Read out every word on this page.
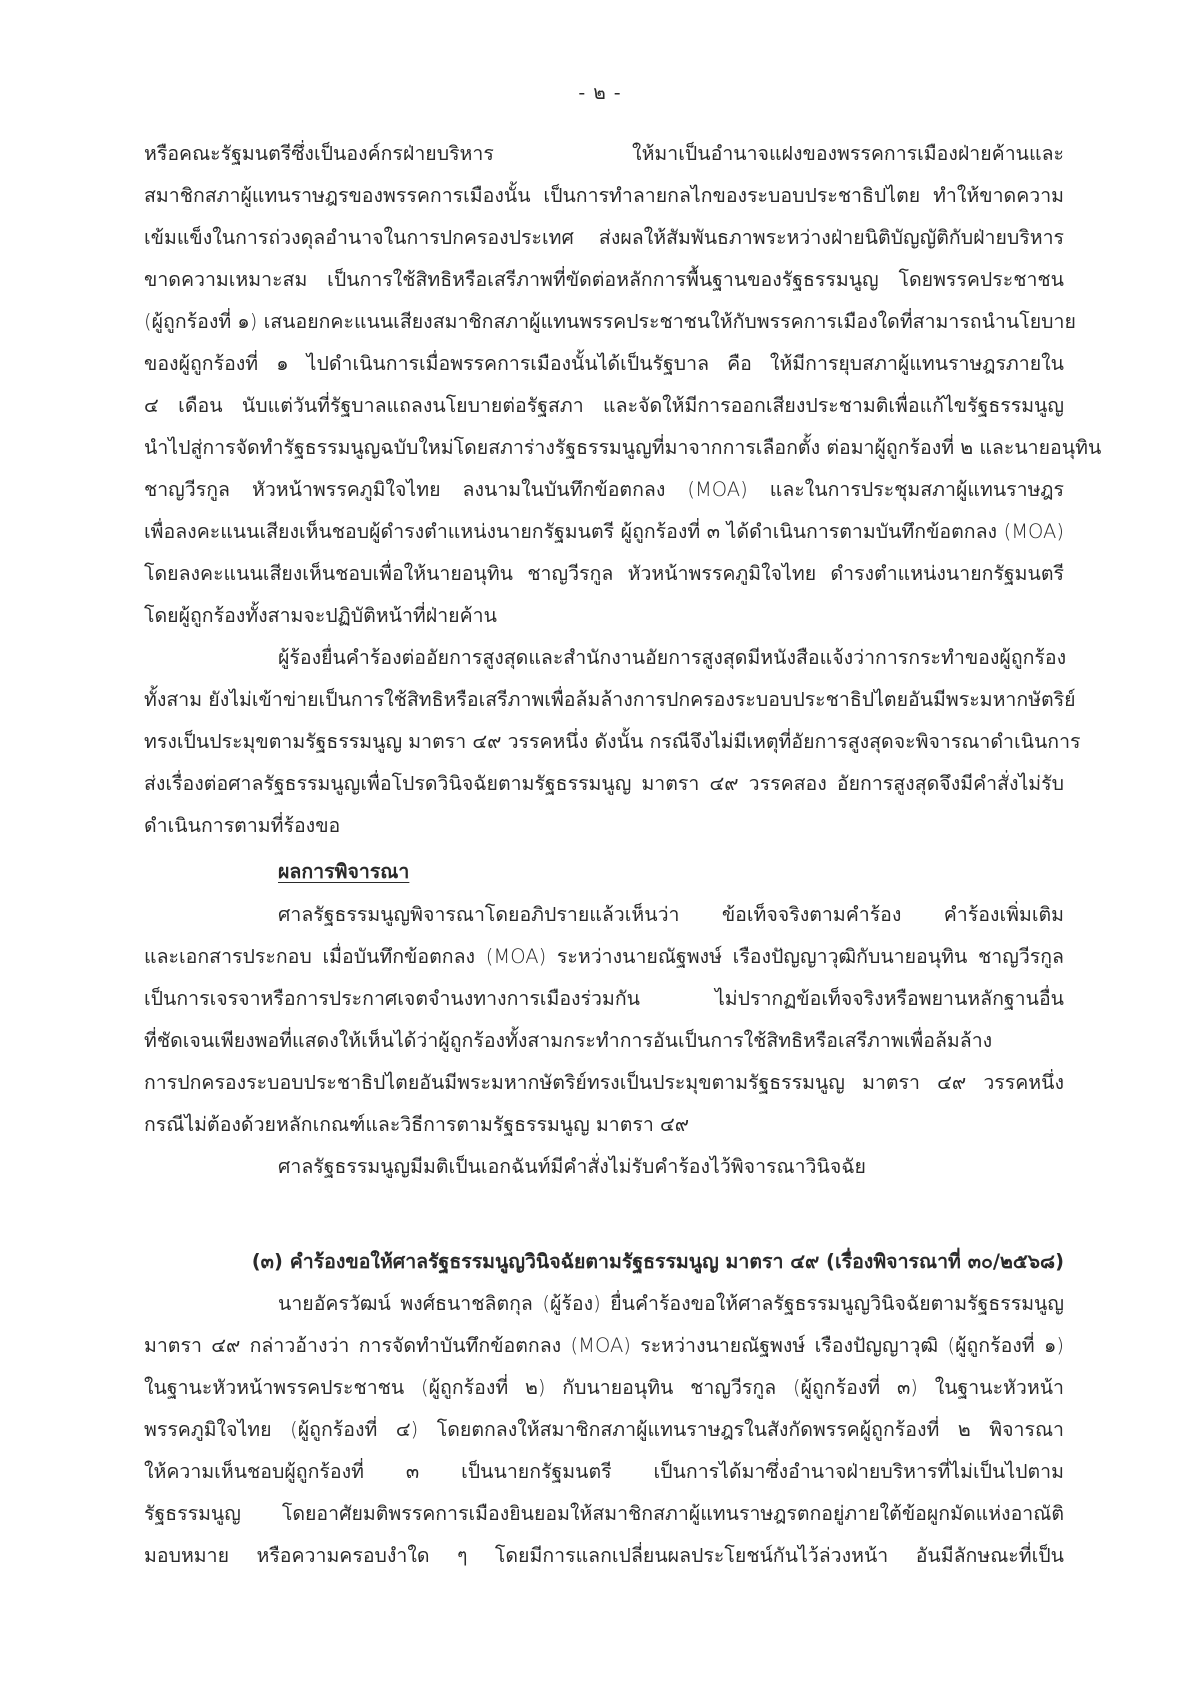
- ๒ -
หรือคณะรัฐมนตรีซึ่งเป็นองค์กรฝ่ายบริหาร ให้มาเป็นอำนาจแฝงของพรรคการเมืองฝ่ายค้านและ
สมาชิกสภาผู้แทนราษฎรของพรรคการเมืองนั้น เป็นการทำลายกลไกของระบอบประชาธิปไตย ทำให้ขาดความ
เข้มแข็งในการถ่วงดุลอำนาจในการปกครองประเทศ ส่งผลให้สัมพันธภาพระหว่างฝ่ายนิติบัญญัติกับฝ่ายบริหาร
ขาดความเหมาะสม เป็นการใช้สิทธิหรือเสรีภาพที่ขัดต่อหลักการพื้นฐานของรัฐธรรมนูญ โดยพรรคประชาชน
(ผู้ถูกร้องที่ ๑) เสนอยกคะแนนเสียงสมาชิกสภาผู้แทนพรรคประชาชนให้กับพรรคการเมืองใดที่สามารถนำนโยบาย
ของผู้ถูกร้องที่ ๑ ไปดำเนินการเมื่อพรรคการเมืองนั้นได้เป็นรัฐบาล คือ ให้มีการยุบสภาผู้แทนราษฎรภายใน
๔ เดือน นับแต่วันที่รัฐบาลแถลงนโยบายต่อรัฐสภา และจัดให้มีการออกเสียงประชามติเพื่อแก้ไขรัฐธรรมนูญ
นำไปสู่การจัดทำรัฐธรรมนูญฉบับใหม่โดยสภาร่างรัฐธรรมนูญที่มาจากการเลือกตั้ง ต่อมาผู้ถูกร้องที่ ๒ และนายอนุทิน
ชาญวีรกูล หัวหน้าพรรคภูมิใจไทย ลงนามในบันทึกข้อตกลง (MOA) และในการประชุมสภาผู้แทนราษฎร
เพื่อลงคะแนนเสียงเห็นชอบผู้ดำรงตำแหน่งนายกรัฐมนตรี ผู้ถูกร้องที่ ๓ ได้ดำเนินการตามบันทึกข้อตกลง (MOA)
โดยลงคะแนนเสียงเห็นชอบเพื่อให้นายอนุทิน ชาญวีรกูล หัวหน้าพรรคภูมิใจไทย ดำรงตำแหน่งนายกรัฐมนตรี
โดยผู้ถูกร้องทั้งสามจะปฏิบัติหน้าที่ฝ่ายค้าน
ผู้ร้องยื่นคำร้องต่ออัยการสูงสุดและสำนักงานอัยการสูงสุดมีหนังสือแจ้งว่าการกระทำของผู้ถูกร้อง
ทั้งสาม ยังไม่เข้าข่ายเป็นการใช้สิทธิหรือเสรีภาพเพื่อล้มล้างการปกครองระบอบประชาธิปไตยอันมีพระมหากษัตริย์
ทรงเป็นประมุขตามรัฐธรรมนูญ มาตรา ๔๙ วรรคหนึ่ง ดังนั้น กรณีจึงไม่มีเหตุที่อัยการสูงสุดจะพิจารณาดำเนินการ
ส่งเรื่องต่อศาลรัฐธรรมนูญเพื่อโปรดวินิจฉัยตามรัฐธรรมนูญ มาตรา ๔๙ วรรคสอง อัยการสูงสุดจึงมีคำสั่งไม่รับ
ดำเนินการตามที่ร้องขอ
ผลการพิจารณา
ศาลรัฐธรรมนูญพิจารณาโดยอภิปรายแล้วเห็นว่า ข้อเท็จจริงตามคำร้อง คำร้องเพิ่มเติม
และเอกสารประกอบ เมื่อบันทึกข้อตกลง (MOA) ระหว่างนายณัฐพงษ์ เรืองปัญญาวุฒิกับนายอนุทิน ชาญวีรกูล
เป็นการเจรจาหรือการประกาศเจตจำนงทางการเมืองร่วมกัน ไม่ปรากฏข้อเท็จจริงหรือพยานหลักฐานอื่น
ที่ชัดเจนเพียงพอที่แสดงให้เห็นได้ว่าผู้ถูกร้องทั้งสามกระทำการอันเป็นการใช้สิทธิหรือเสรีภาพเพื่อล้มล้าง
การปกครองระบอบประชาธิปไตยอันมีพระมหากษัตริย์ทรงเป็นประมุขตามรัฐธรรมนูญ มาตรา ๔๙ วรรคหนึ่ง
กรณีไม่ต้องด้วยหลักเกณฑ์และวิธีการตามรัฐธรรมนูญ มาตรา ๔๙
ศาลรัฐธรรมนูญมีมติเป็นเอกฉันท์มีคำสั่งไม่รับคำร้องไว้พิจารณาวินิจฉัย
(๓) คำร้องขอให้ศาลรัฐธรรมนูญวินิจฉัยตามรัฐธรรมนูญ มาตรา ๔๙ (เรื่องพิจารณาที่ ๓๐/๒๕๖๘)
นายอัครวัฒน์ พงศ์ธนาชลิตกุล (ผู้ร้อง) ยื่นคำร้องขอให้ศาลรัฐธรรมนูญวินิจฉัยตามรัฐธรรมนูญ
มาตรา ๔๙ กล่าวอ้างว่า การจัดทำบันทึกข้อตกลง (MOA) ระหว่างนายณัฐพงษ์ เรืองปัญญาวุฒิ (ผู้ถูกร้องที่ ๑)
ในฐานะหัวหน้าพรรคประชาชน (ผู้ถูกร้องที่ ๒) กับนายอนุทิน ชาญวีรกูล (ผู้ถูกร้องที่ ๓) ในฐานะหัวหน้า
พรรคภูมิใจไทย (ผู้ถูกร้องที่ ๔) โดยตกลงให้สมาชิกสภาผู้แทนราษฎรในสังกัดพรรคผู้ถูกร้องที่ ๒ พิจารณา
ให้ความเห็นชอบผู้ถูกร้องที่ ๓ เป็นนายกรัฐมนตรี เป็นการได้มาซึ่งอำนาจฝ่ายบริหารที่ไม่เป็นไปตาม
รัฐธรรมนูญ โดยอาศัยมติพรรคการเมืองยินยอมให้สมาชิกสภาผู้แทนราษฎรตกอยู่ภายใต้ข้อผูกมัดแห่งอาณัติ
มอบหมาย หรือความครอบงำใด ๆ โดยมีการแลกเปลี่ยนผลประโยชน์กันไว้ล่วงหน้า อันมีลักษณะที่เป็น
